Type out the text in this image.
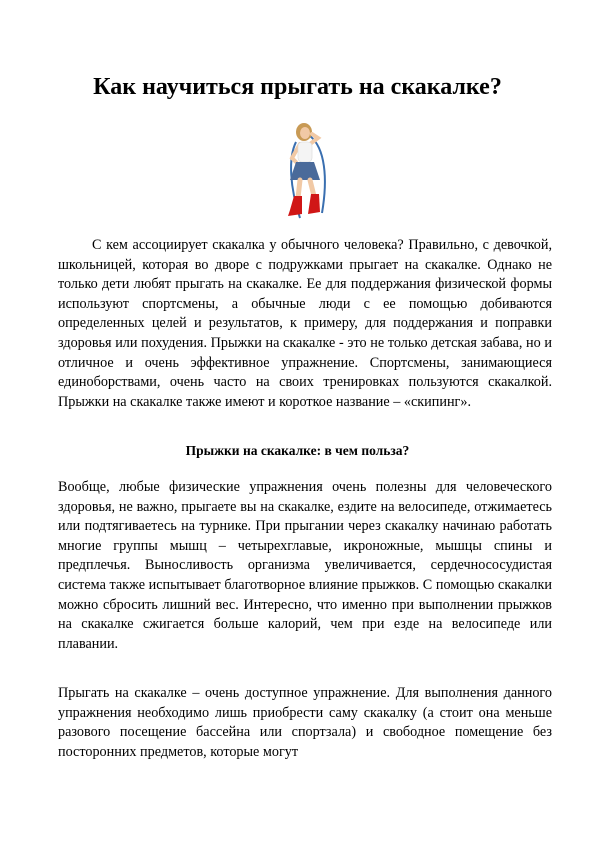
Как научиться прыгать на скакалке?

С кем ассоциирует скакалка у обычного человека? Правильно, с девочкой, школьницей, которая во дворе с подружками прыгает на скакалке. Однако не только дети любят прыгать на скакалке. Ее для поддержания физической формы используют спортсмены, а обычные люди с ее помощью добиваются определенных целей и результатов, к примеру, для поддержания и поправки здоровья или похудения. Прыжки на скакалке - это не только детская забава, но и отличное и очень эффективное упражнение. Спортсмены, занимающиеся единоборствами, очень часто на своих тренировках пользуются скакалкой. Прыжки на скакалке также имеют и короткое название – «скипинг».

Прыжки на скакалке: в чем польза?

Вообще, любые физические упражнения очень полезны для человеческого здоровья, не важно, прыгаете вы на скакалке, ездите на велосипеде, отжимаетесь или подтягиваетесь на турнике. При прыгании через скакалку начинаю работать многие группы мышц – четырехглавые, икроножные, мышцы спины и предплечья. Выносливость организма увеличивается, сердечнососудистая система также испытывает благотворное влияние прыжков. С помощью скакалки можно сбросить лишний вес. Интересно, что именно при выполнении прыжков на скакалке сжигается больше калорий, чем при езде на велосипеде или плавании.

Прыгать на скакалке – очень доступное упражнение. Для выполнения данного упражнения необходимо лишь приобрести саму скакалку (а стоит она меньше разового посещение бассейна или спортзала) и свободное помещение без посторонних предметов, которые могут
